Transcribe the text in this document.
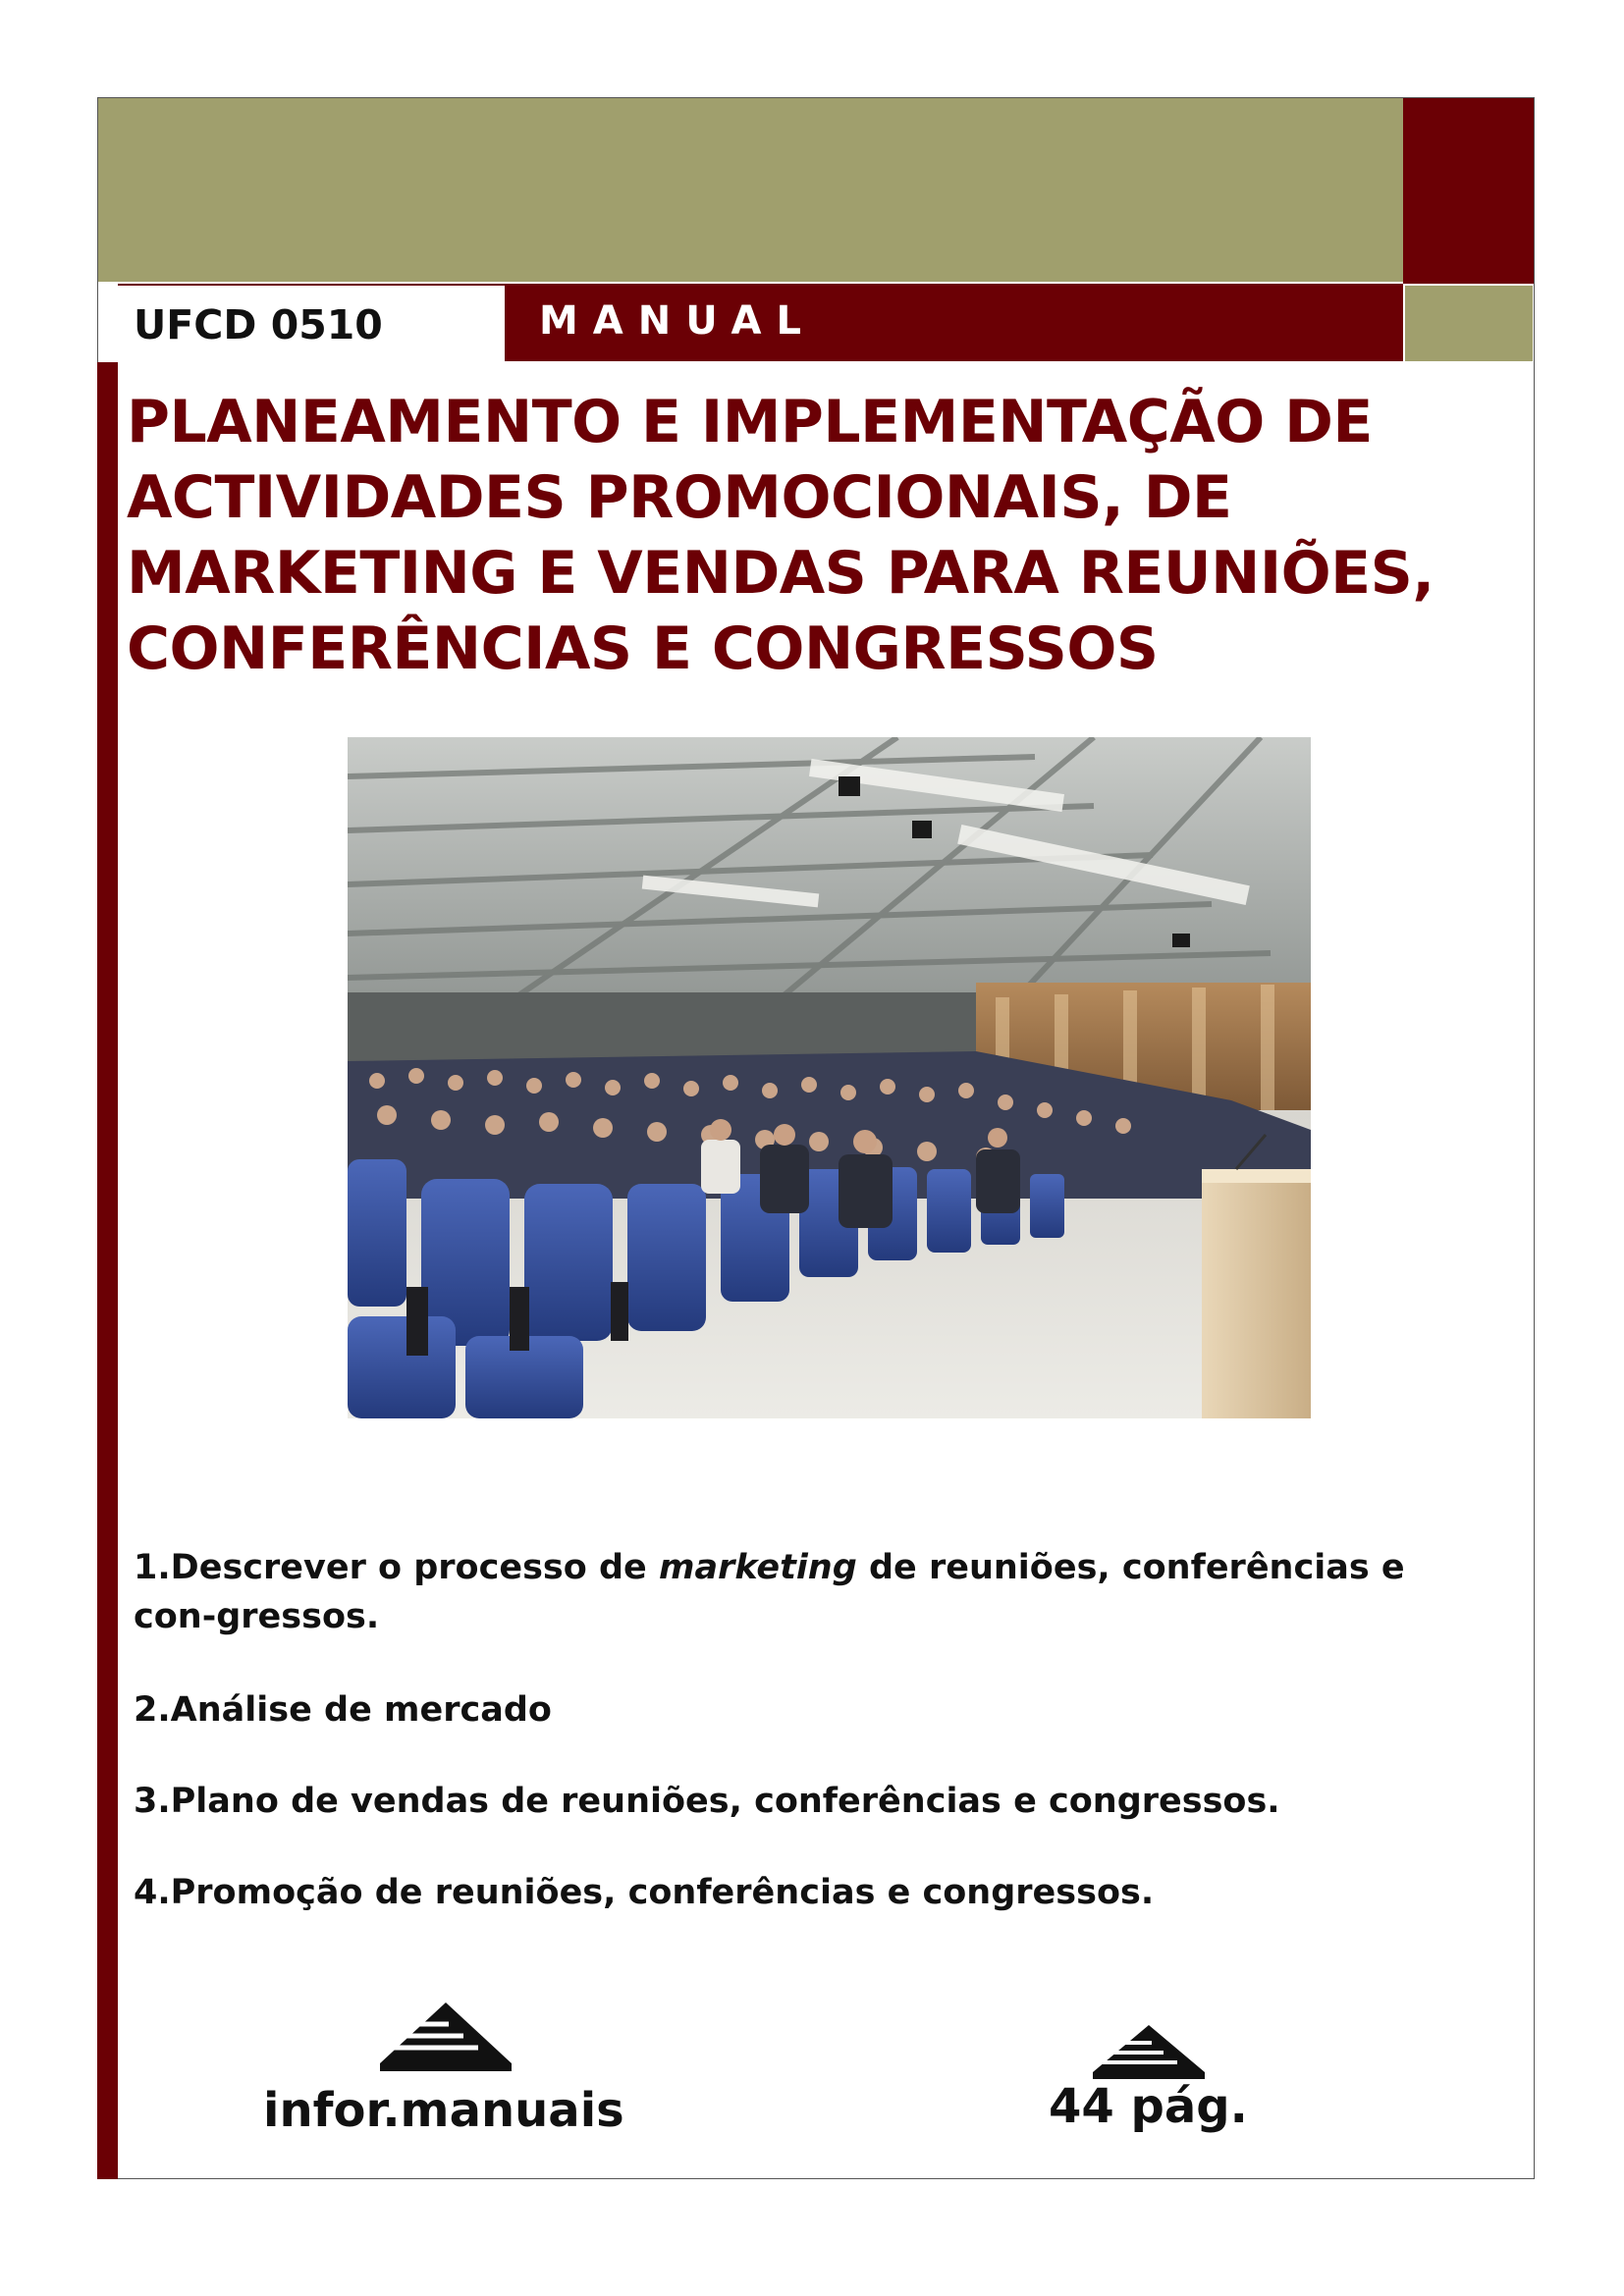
UFCD 0510	MANUAL
PLANEAMENTO E IMPLEMENTAÇÃO DE
ACTIVIDADES PROMOCIONAIS, DE
MARKETING E VENDAS PARA REUNIÕES,
CONFERÊNCIAS E CONGRESSOS

1.Descrever o processo de marketing de reuniões, conferências e con-gressos.

2.Análise de mercado

3.Plano de vendas de reuniões, conferências e congressos.

4.Promoção de reuniões, conferências e congressos.

infor.manuais	44 pág.
